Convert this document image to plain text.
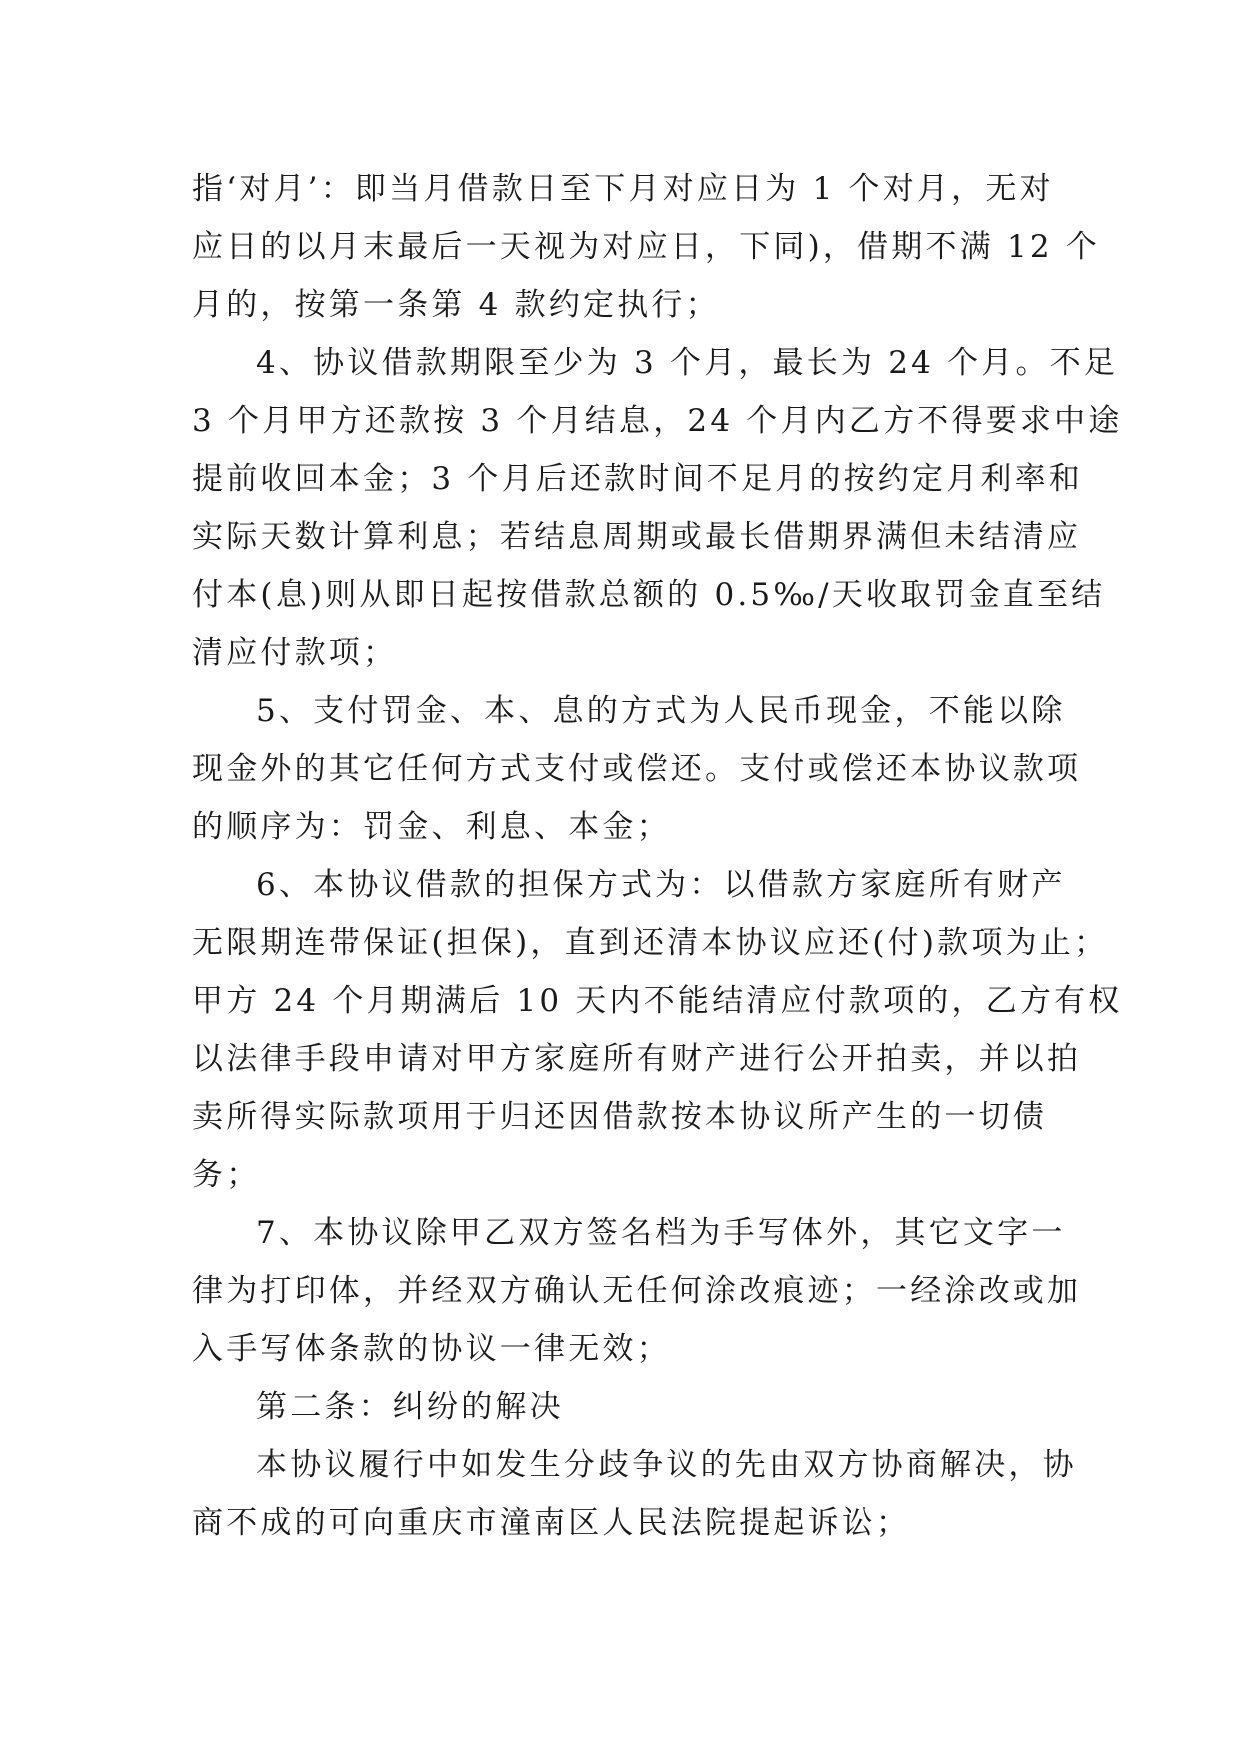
指‘对月’：即当月借款日至下月对应日为 1 个对月，无对
应日的以月末最后一天视为对应日，下同)，借期不满 12 个
月的，按第一条第 4 款约定执行；
4、协议借款期限至少为 3 个月，最长为 24 个月。不足
3 个月甲方还款按 3 个月结息，24 个月内乙方不得要求中途
提前收回本金；3 个月后还款时间不足月的按约定月利率和
实际天数计算利息；若结息周期或最长借期界满但未结清应
付本(息)则从即日起按借款总额的 0.5‰/天收取罚金直至结
清应付款项；
5、支付罚金、本、息的方式为人民币现金，不能以除
现金外的其它任何方式支付或偿还。支付或偿还本协议款项
的顺序为：罚金、利息、本金；
6、本协议借款的担保方式为：以借款方家庭所有财产
无限期连带保证(担保)，直到还清本协议应还(付)款项为止；
甲方 24 个月期满后 10 天内不能结清应付款项的，乙方有权
以法律手段申请对甲方家庭所有财产进行公开拍卖，并以拍
卖所得实际款项用于归还因借款按本协议所产生的一切债
务；
7、本协议除甲乙双方签名档为手写体外，其它文字一
律为打印体，并经双方确认无任何涂改痕迹；一经涂改或加
入手写体条款的协议一律无效；
第二条：纠纷的解决
本协议履行中如发生分歧争议的先由双方协商解决，协
商不成的可向重庆市潼南区人民法院提起诉讼；
